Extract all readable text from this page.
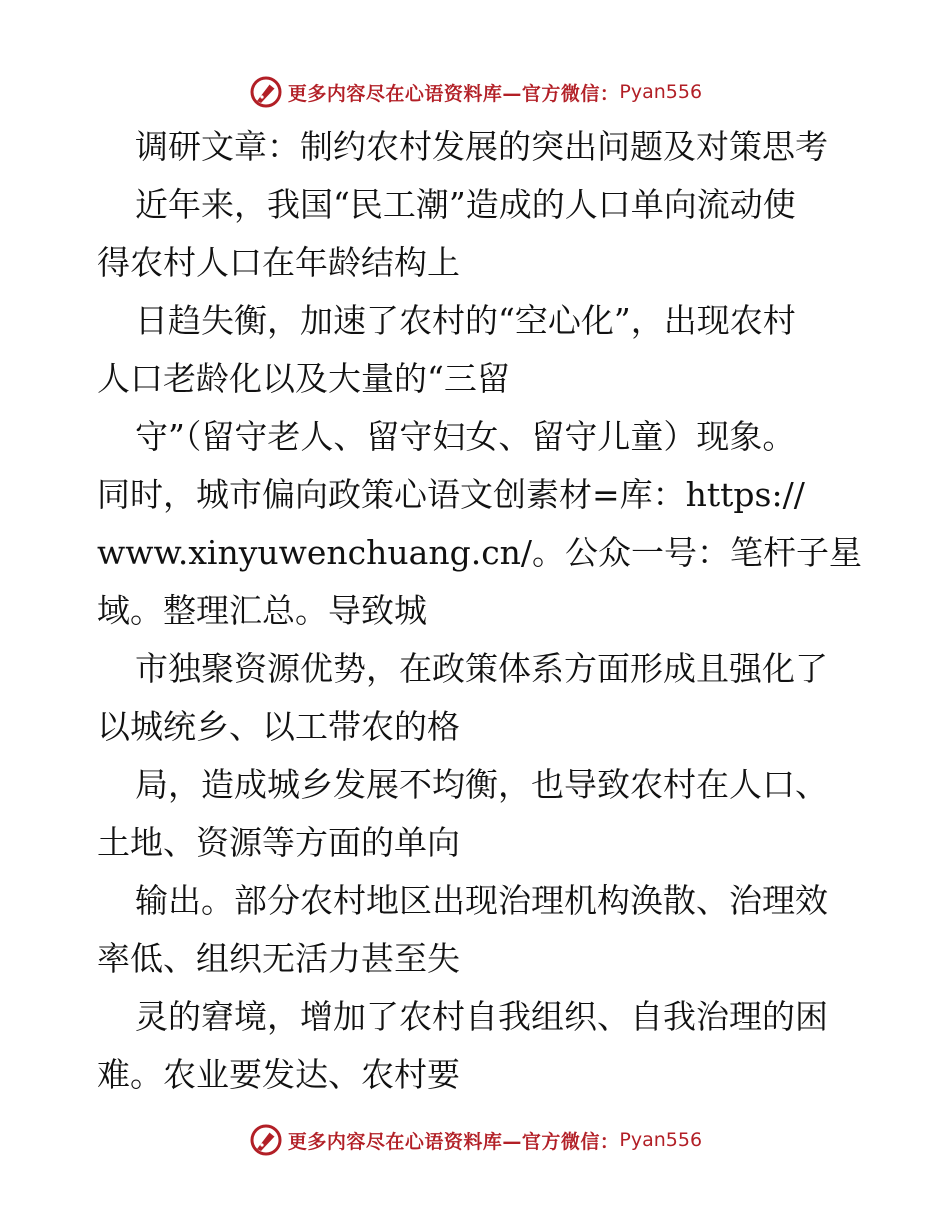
更多内容尽在心语资料库—官方微信： Pyan556
调研文章：制约农村发展的突出问题及对策思考
近年来，我国“民工潮”造成的人口单向流动使
得农村人口在年龄结构上
日趋失衡，加速了农村的“空心化”，出现农村
人口老龄化以及大量的“三留
守”（留守老人、留守妇女、留守儿童）现象。
同时，城市偏向政策心语文创素材=库：https://
www.xinyuwenchuang.cn/。公众一号：笔杆子星
域。整理汇总。导致城
市独聚资源优势，在政策体系方面形成且强化了
以城统乡、以工带农的格
局，造成城乡发展不均衡，也导致农村在人口、
土地、资源等方面的单向
输出。部分农村地区出现治理机构涣散、治理效
率低、组织无活力甚至失
灵的窘境，增加了农村自我组织、自我治理的困
难。农业要发达、农村要
更多内容尽在心语资料库—官方微信： Pyan556
